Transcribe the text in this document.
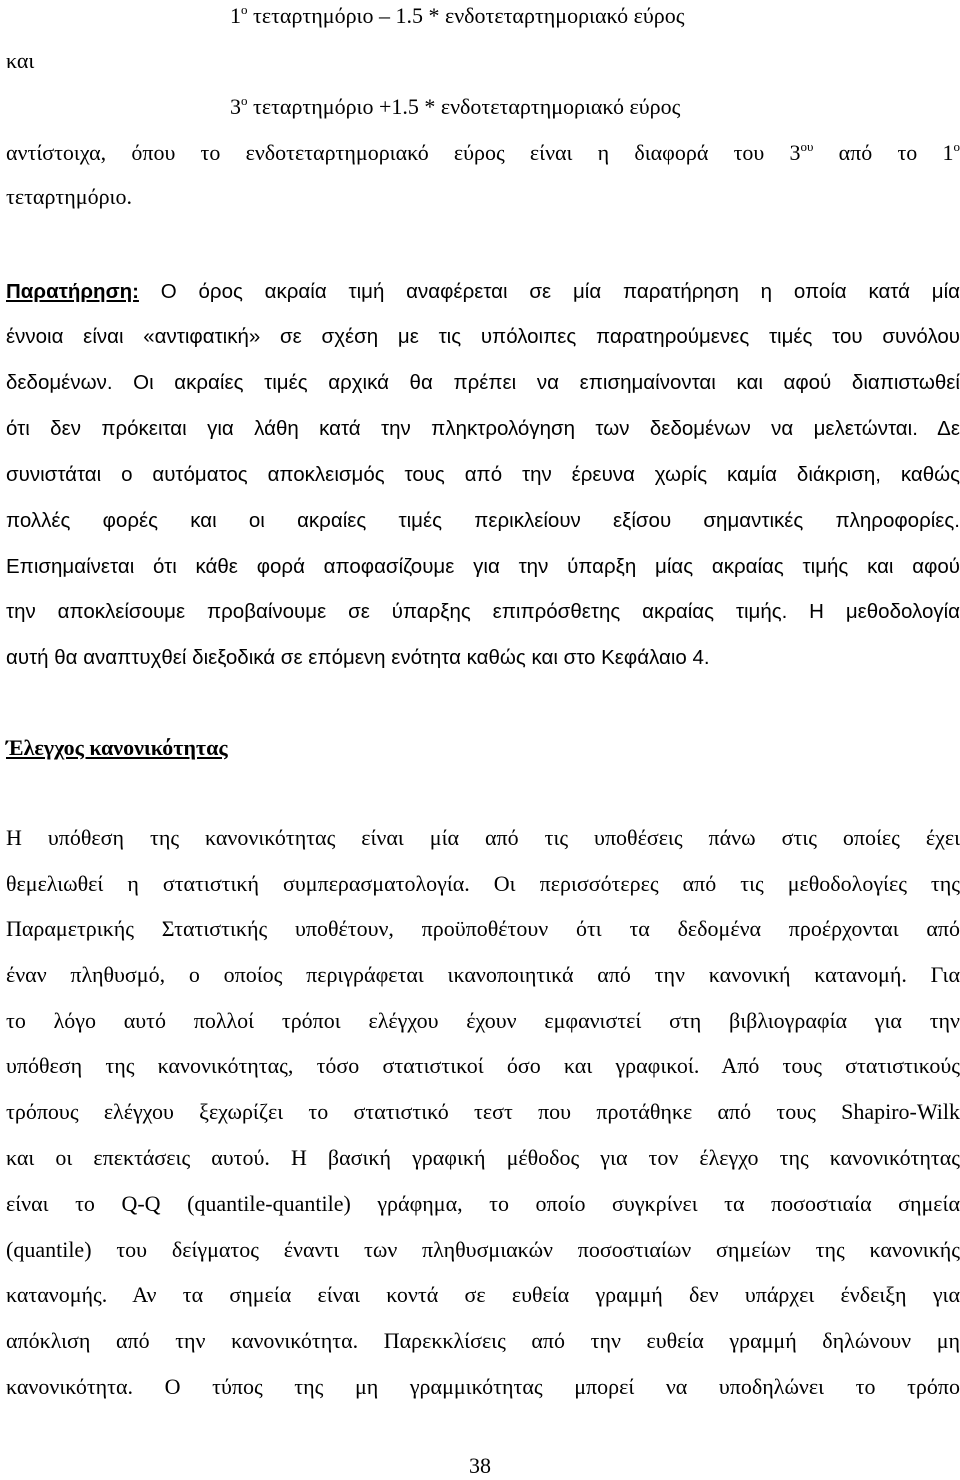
$1^o$ τεταρτημόριο – 1.5 * ενδοτεταρτημοριακό εύρος
και
$3^o$ τεταρτημόριο +1.5 * ενδοτεταρτημοριακό εύρος
αντίστοιχα, όπου το ενδοτεταρτημοριακό εύρος είναι η διαφορά του $3^{o\upsilon}$ από το $1^o$
τεταρτημόριο.
Παρατήρηση: Ο όρος ακραία τιμή αναφέρεται σε μία παρατήρηση η οποία κατά μία
έννοια είναι «αντιφατική» σε σχέση με τις υπόλοιπες παρατηρούμενες τιμές του συνόλου
δεδομένων. Οι ακραίες τιμές αρχικά θα πρέπει να επισημαίνονται και αφού διαπιστωθεί
ότι δεν πρόκειται για λάθη κατά την πληκτρολόγηση των δεδομένων να μελετώνται. Δε
συνιστάται ο αυτόματος αποκλεισμός τους από την έρευνα χωρίς καμία διάκριση, καθώς
πολλές φορές και οι ακραίες τιμές περικλείουν εξίσου σημαντικές πληροφορίες.
Επισημαίνεται ότι κάθε φορά αποφασίζουμε για την ύπαρξη μίας ακραίας τιμής και αφού
την αποκλείσουμε προβαίνουμε σε ύπαρξης επιπρόσθετης ακραίας τιμής. Η μεθοδολογία
αυτή θα αναπτυχθεί διεξοδικά σε επόμενη ενότητα καθώς και στο Κεφάλαιο 4.
Έλεγχος κανονικότητας
Η υπόθεση της κανονικότητας είναι μία από τις υποθέσεις πάνω στις οποίες έχει
θεμελιωθεί η στατιστική συμπερασματολογία. Οι περισσότερες από τις μεθοδολογίες της
Παραμετρικής Στατιστικής υποθέτουν, προϋποθέτουν ότι τα δεδομένα προέρχονται από
έναν πληθυσμό, ο οποίος περιγράφεται ικανοποιητικά από την κανονική κατανομή. Για
το λόγο αυτό πολλοί τρόποι ελέγχου έχουν εμφανιστεί στη βιβλιογραφία για την
υπόθεση της κανονικότητας, τόσο στατιστικοί όσο και γραφικοί. Από τους στατιστικούς
τρόπους ελέγχου ξεχωρίζει το στατιστικό τεστ που προτάθηκε από τους Shapiro-Wilk
και οι επεκτάσεις αυτού. Η βασική γραφική μέθοδος για τον έλεγχο της κανονικότητας
είναι το Q-Q (quantile-quantile) γράφημα, το οποίο συγκρίνει τα ποσοστιαία σημεία
(quantile) του δείγματος έναντι των πληθυσμιακών ποσοστιαίων σημείων της κανονικής
κατανομής. Αν τα σημεία είναι κοντά σε ευθεία γραμμή δεν υπάρχει ένδειξη για
απόκλιση από την κανονικότητα. Παρεκκλίσεις από την ευθεία γραμμή δηλώνουν μη
κανονικότητα. Ο τύπος της μη γραμμικότητας μπορεί να υποδηλώνει το τρόπο
38
